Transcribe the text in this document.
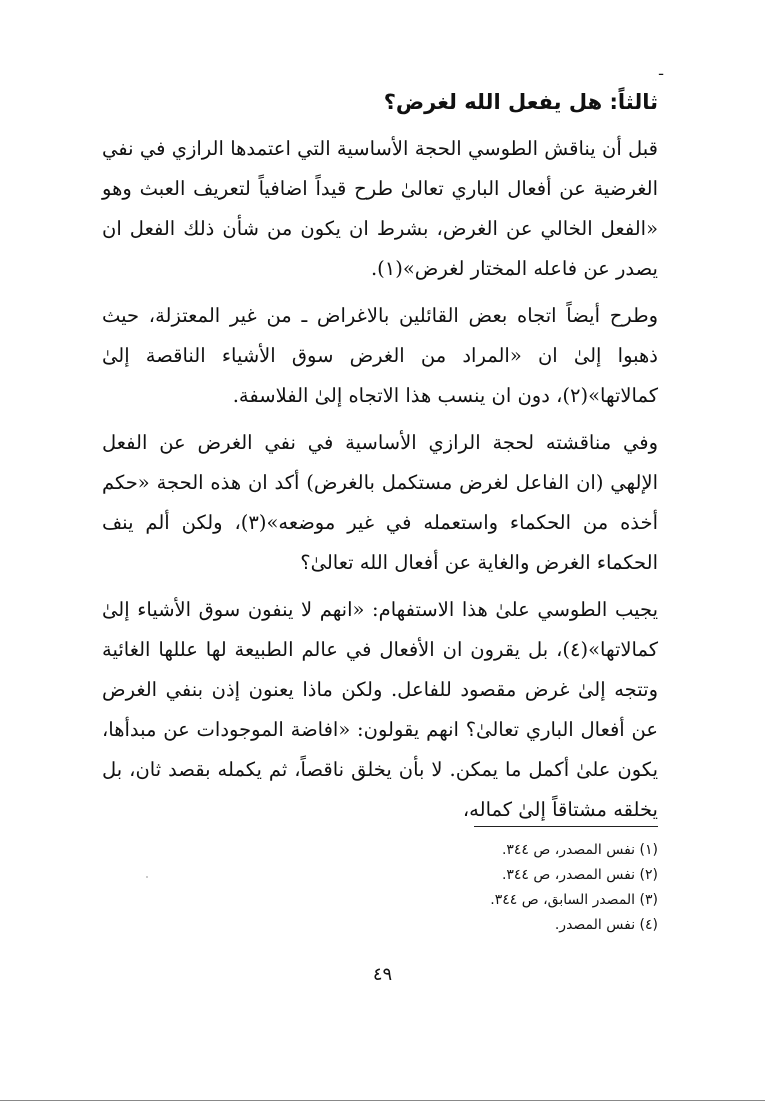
ـ
ثالثاً: هل يفعل الله لغرض؟

قبل أن يناقش الطوسي الحجة الأساسية التي اعتمدها الرازي في نفي الغرضية عن أفعال الباري تعالىٰ طرح قيداً اضافياً لتعريف العبث وهو «الفعل الخالي عن الغرض، بشرط ان يكون من شأن ذلك الفعل ان يصدر عن فاعله المختار لغرض»(١).

وطرح أيضاً اتجاه بعض القائلين بالاغراض ـ من غير المعتزلة، حيث ذهبوا إلىٰ ان «المراد من الغرض سوق الأشياء الناقصة إلىٰ كمالاتها»(٢)، دون ان ينسب هذا الاتجاه إلىٰ الفلاسفة.

وفي مناقشته لحجة الرازي الأساسية في نفي الغرض عن الفعل الإلهي (ان الفاعل لغرض مستكمل بالغرض) أكد ان هذه الحجة «حكم أخذه من الحكماء واستعمله في غير موضعه»(٣)، ولكن ألم ينف الحكماء الغرض والغاية عن أفعال الله تعالىٰ؟

يجيب الطوسي علىٰ هذا الاستفهام: «انهم لا ينفون سوق الأشياء إلىٰ كمالاتها»(٤)، بل يقرون ان الأفعال في عالم الطبيعة لها عللها الغائية وتتجه إلىٰ غرض مقصود للفاعل. ولكن ماذا يعنون إذن بنفي الغرض عن أفعال الباري تعالىٰ؟ انهم يقولون: «افاضة الموجودات عن مبدأها، يكون علىٰ أكمل ما يمكن. لا بأن يخلق ناقصاً، ثم يكمله بقصد ثان، بل يخلقه مشتاقاً إلىٰ كماله،

(١) نفس المصدر، ص ٣٤٤.
(٢) نفس المصدر، ص ٣٤٤.
(٣) المصدر السابق، ص ٣٤٤.
(٤) نفس المصدر.
٤٩
